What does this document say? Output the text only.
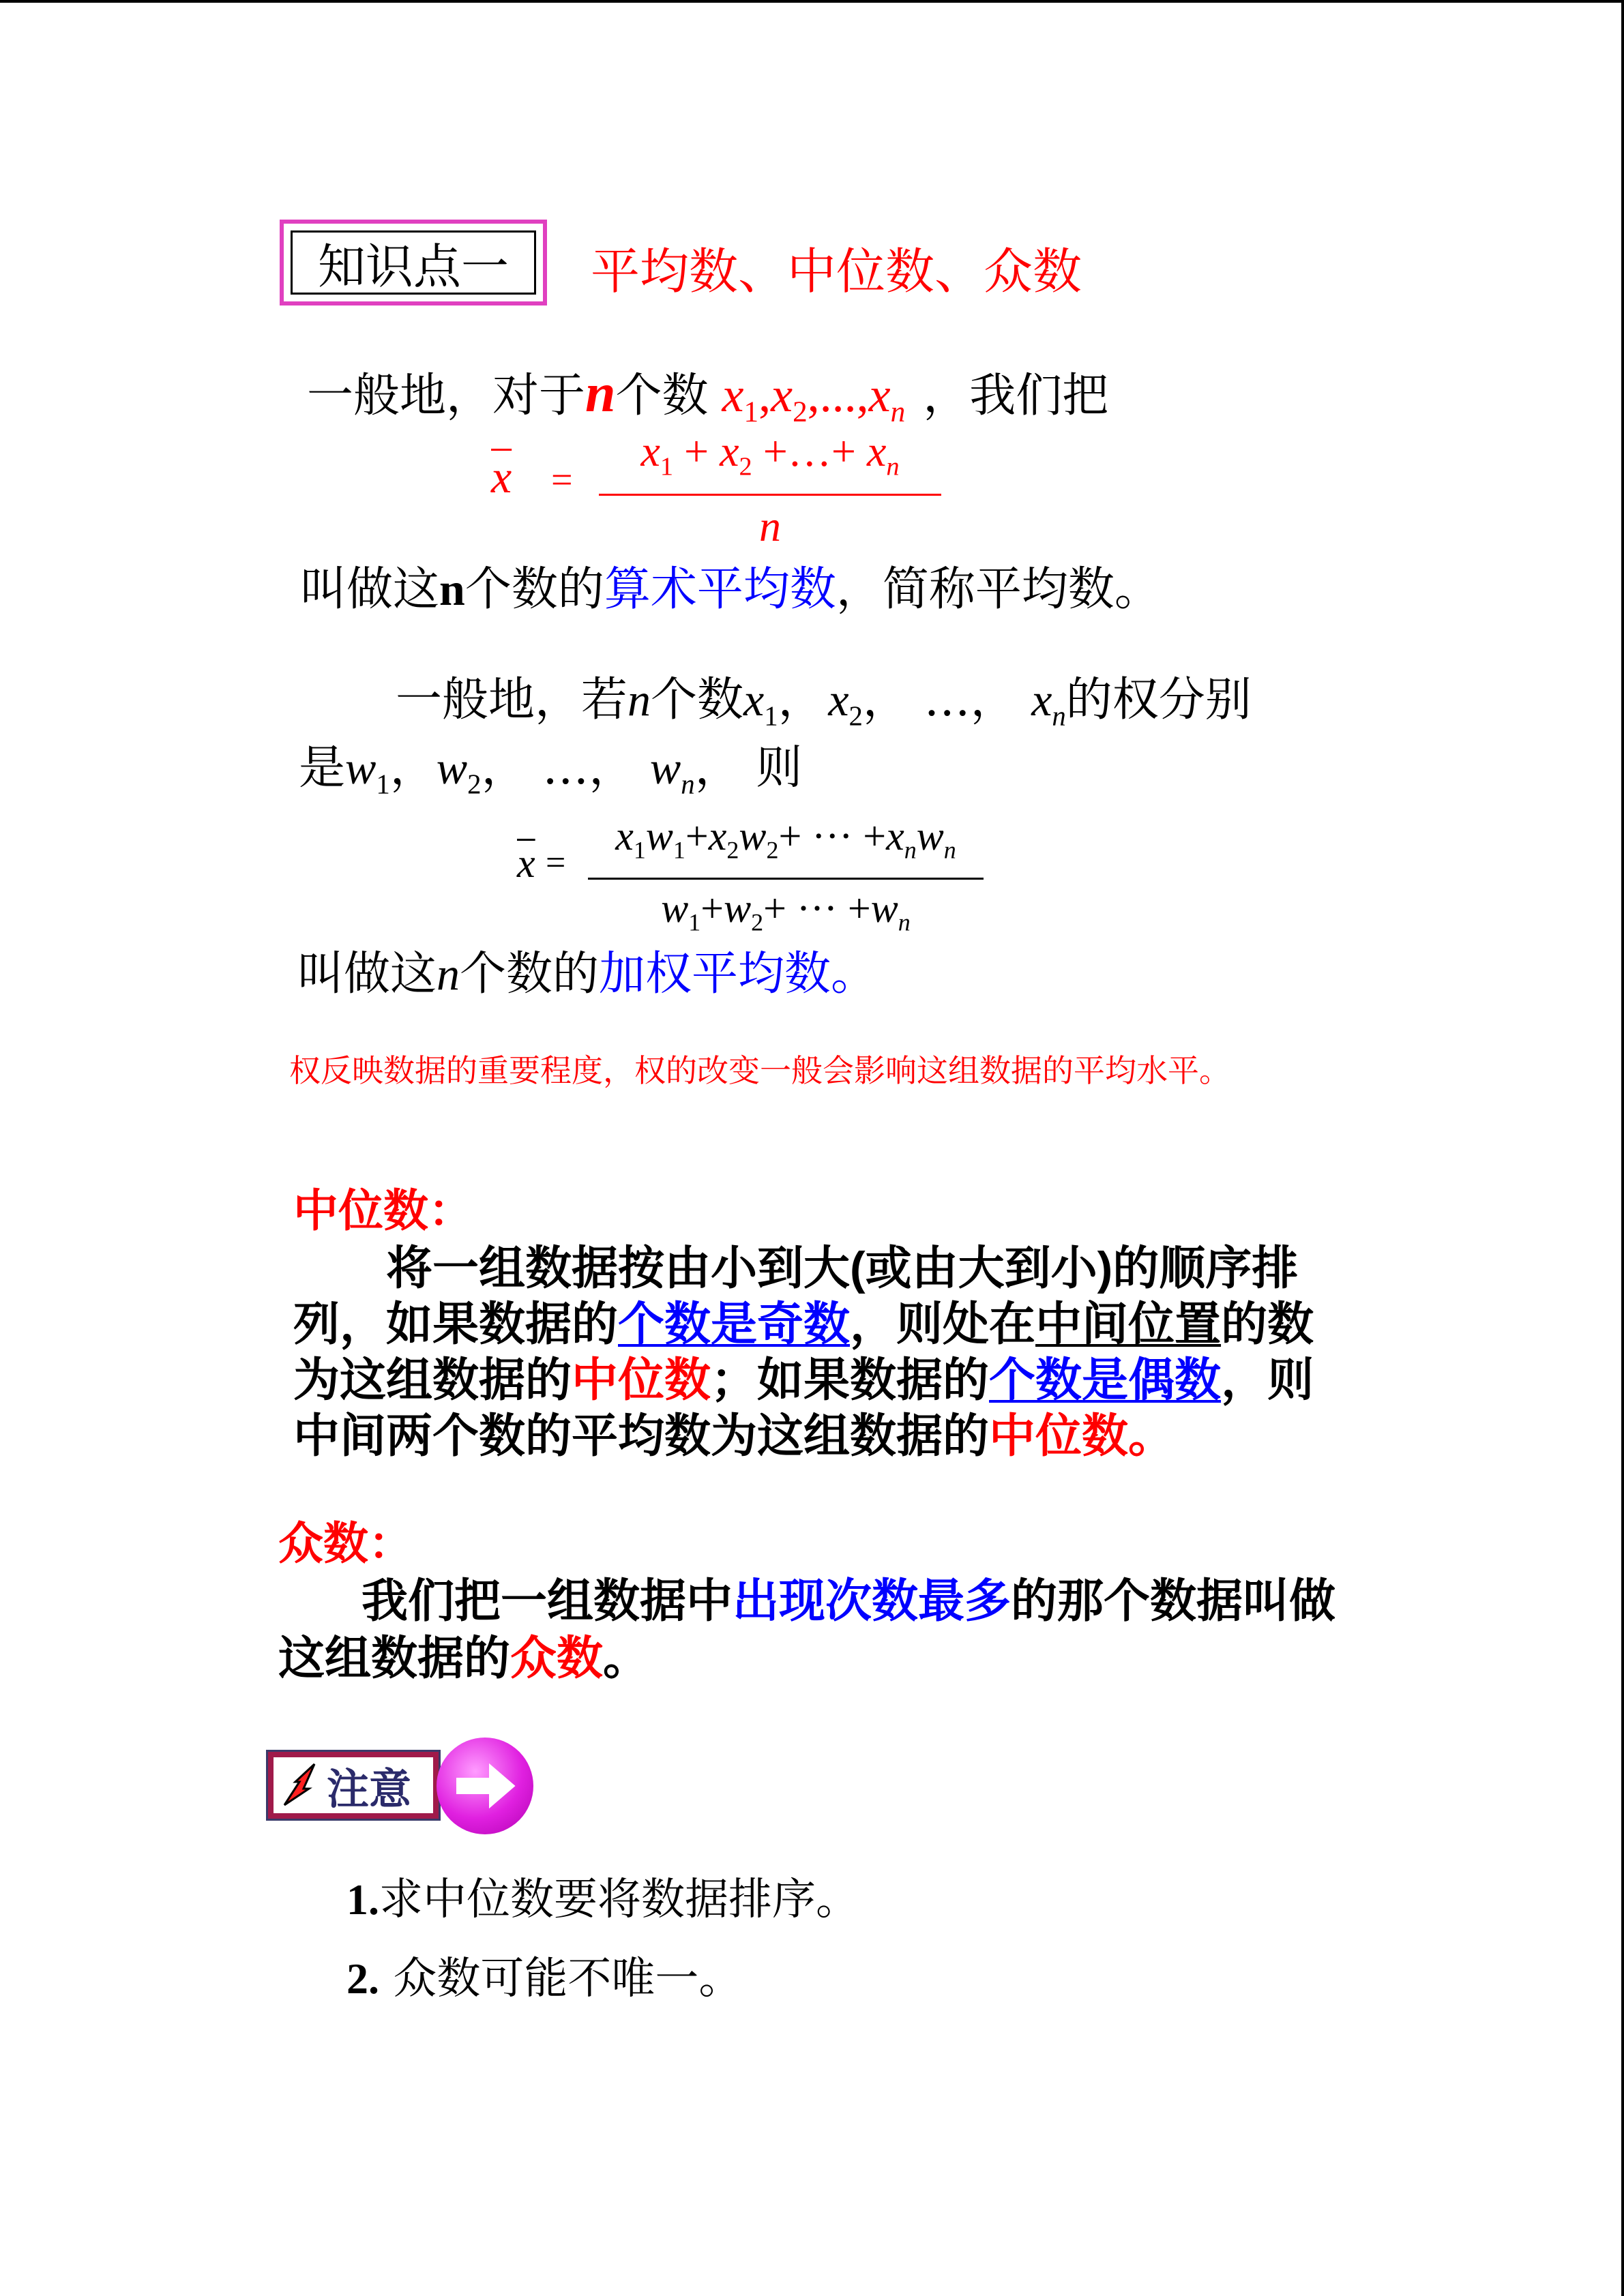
知识点一	平均数、中位数、众数
一般地，对于 n 个数 $x_1,x_2,...,x_n$ ，我们把
$\overline{x}$ =
$x_1 + x_2$ +…+ $x_n$
n
叫做这n个数的算术平均数，简称平均数。
一般地，若n个数$x_1$， $x_2$， …， $x_n$的权分别
是$w_1$，$w_2$， …， $w_n$， 则
$\overline{x}$ =
$x_1w_1+x_2w_2+$ ··· $+x_nw_n$
$w_1+w_2+$ ··· $+w_n$
叫做这n个数的加权平均数。
权反映数据的重要程度，权的改变一般会影响这组数据的平均水平。
中位数：
将一组数据按由小到大(或由大到小)的顺序排
列，如果数据的个数是奇数，则处在中间位置的数
为这组数据的中位数；如果数据的个数是偶数，则
中间两个数的平均数为这组数据的中位数。
众数：
我们把一组数据中出现次数最多的那个数据叫做
这组数据的众数。
注意
1.求中位数要将数据排序。
2. 众数可能不唯一。
